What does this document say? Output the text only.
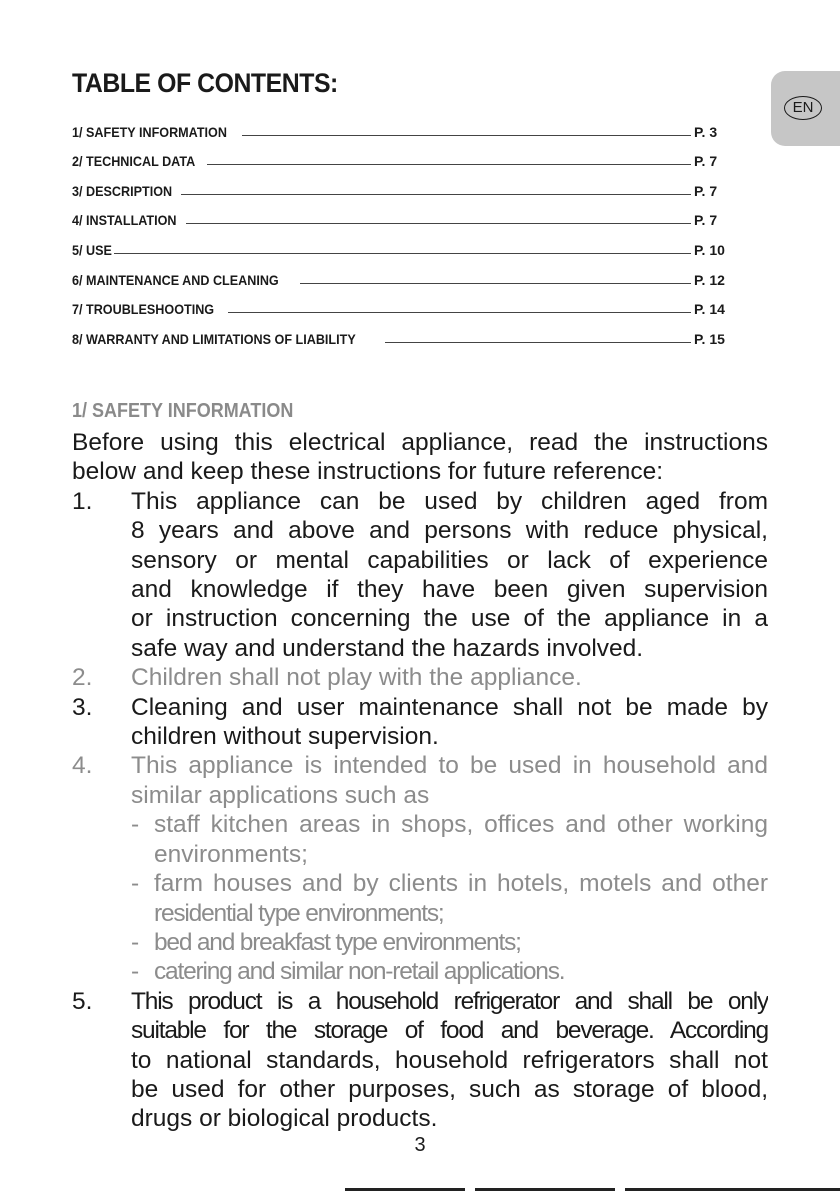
TABLE OF CONTENTS:
1/ SAFETY INFORMATION	P. 3
2/ TECHNICAL DATA	P. 7
3/ DESCRIPTION	P. 7
4/ INSTALLATION	P. 7
5/ USE	P. 10
6/ MAINTENANCE AND CLEANING	P. 12
7/ TROUBLESHOOTING	P. 14
8/ WARRANTY AND LIMITATIONS OF LIABILITY	P. 15
EN
1/ SAFETY INFORMATION
Before using this electrical appliance, read the instructions
below and keep these instructions for future reference:
1. This appliance can be used by children aged from
8 years and above and persons with reduce physical,
sensory or mental capabilities or lack of experience
and knowledge if they have been given supervision
or instruction concerning the use of the appliance in a
safe way and understand the hazards involved.
2. Children shall not play with the appliance.
3. Cleaning and user maintenance shall not be made by
children without supervision.
4. This appliance is intended to be used in household and
similar applications such as
- staff kitchen areas in shops, offices and other working
environments;
- farm houses and by clients in hotels, motels and other
residential type environments;
- bed and breakfast type environments;
- catering and similar non-retail applications.
5. This product is a household refrigerator and shall be only
suitable for the storage of food and beverage. According
to national standards, household refrigerators shall not
be used for other purposes, such as storage of blood,
drugs or biological products.
3
